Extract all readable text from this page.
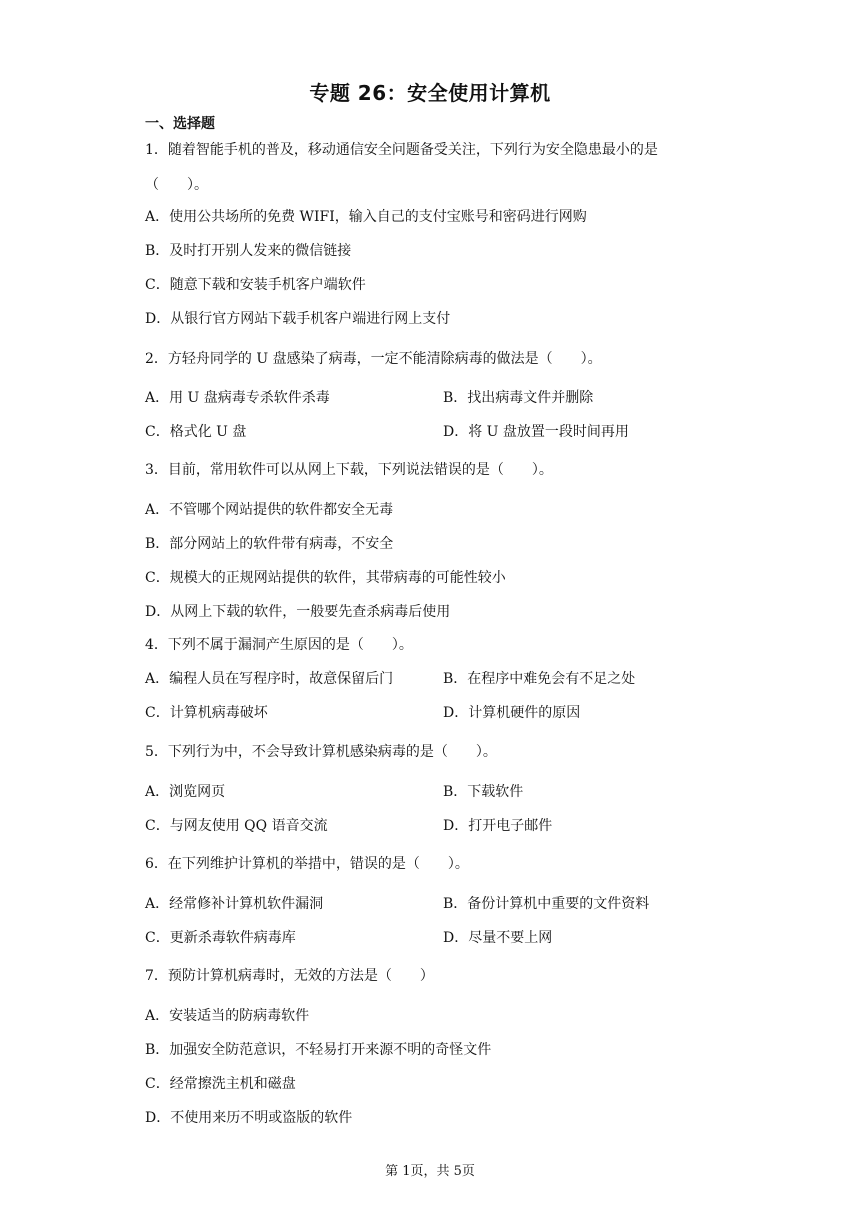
专题 26：安全使用计算机
一、选择题
1．随着智能手机的普及，移动通信安全问题备受关注，下列行为安全隐患最小的是
（　　）。
A．使用公共场所的免费 WIFI，输入自己的支付宝账号和密码进行网购
B．及时打开别人发来的微信链接
C．随意下载和安装手机客户端软件
D．从银行官方网站下载手机客户端进行网上支付
2．方轻舟同学的 U 盘感染了病毒，一定不能清除病毒的做法是（　　）。
A．用 U 盘病毒专杀软件杀毒	B．找出病毒文件并删除
C．格式化 U 盘	D．将 U 盘放置一段时间再用
3．目前，常用软件可以从网上下载，下列说法错误的是（　　）。
A．不管哪个网站提供的软件都安全无毒
B．部分网站上的软件带有病毒，不安全
C．规模大的正规网站提供的软件，其带病毒的可能性较小
D．从网上下载的软件，一般要先查杀病毒后使用
4．下列不属于漏洞产生原因的是（　　）。
A．编程人员在写程序时，故意保留后门	B．在程序中难免会有不足之处
C．计算机病毒破坏	D．计算机硬件的原因
5．下列行为中，不会导致计算机感染病毒的是（　　）。
A．浏览网页	B．下载软件
C．与网友使用 QQ 语音交流	D．打开电子邮件
6．在下列维护计算机的举措中，错误的是（　　）。
A．经常修补计算机软件漏洞	B．备份计算机中重要的文件资料
C．更新杀毒软件病毒库	D．尽量不要上网
7．预防计算机病毒时，无效的方法是（　　）
A．安装适当的防病毒软件
B．加强安全防范意识，不轻易打开来源不明的奇怪文件
C．经常擦洗主机和磁盘
D．不使用来历不明或盗版的软件
第 1页，共 5页
